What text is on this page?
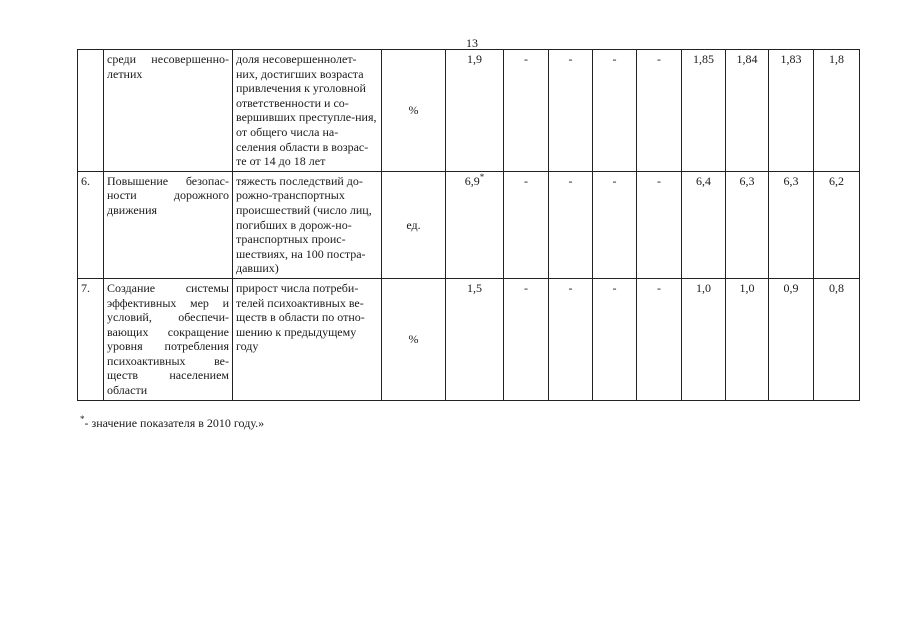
13
	среди несовершенно-летних	доля несовершеннолет-них, достигших возраста привлечения к уголовной ответственности и со-вершивших преступле-ния, от общего числа на-селения области в возрас-те от 14 до 18 лет	%	1,9	-	-	-	-	1,85	1,84	1,83	1,8
6.	Повышение безопас-ности дорожного движения	тяжесть последствий до-рожно-транспортных происшествий (число лиц, погибших в дорож-но-транспортных проис-шествиях, на 100 постра-давших)	ед.	6,9*	-	-	-	-	6,4	6,3	6,3	6,2
7.	Создание системы эффективных мер и условий, обеспечи-вающих сокращение уровня потребления психоактивных ве-ществ населением области	прирост числа потреби-телей психоактивных ве-ществ в области по отно-шению к предыдущему году	%	1,5	-	-	-	-	1,0	1,0	0,9	0,8
*- значение показателя в 2010 году.»
